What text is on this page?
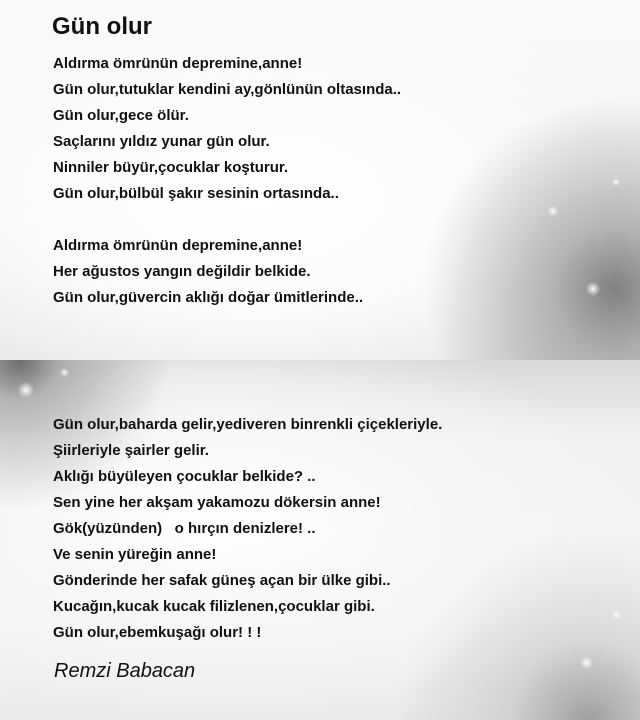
Gün olur
Aldırma ömrünün depremine,anne!
Gün olur,tutuklar kendini ay,gönlünün oltasında..
Gün olur,gece ölür.
Saçlarını yıldız yunar gün olur.
Ninniler büyür,çocuklar koşturur.
Gün olur,bülbül şakır sesinin ortasında..
Aldırma ömrünün depremine,anne!
Her ağustos yangın değildir belkide.
Gün olur,güvercin aklığı doğar ümitlerinde..
Gün olur,baharda gelir,yediveren binrenkli çiçekleriyle.
Şiirleriyle şairler gelir.
Aklığı büyüleyen çocuklar belkide? ..
Sen yine her akşam yakamozu dökersin anne!
Gök(yüzünden)   o hırçın denizlere! ..
Ve senin yüreğin anne!
Gönderinde her safak güneş açan bir ülke gibi..
Kucağın,kucak kucak filizlenen,çocuklar gibi.
Gün olur,ebemkuşağı olur! ! !

Remzi Babacan
